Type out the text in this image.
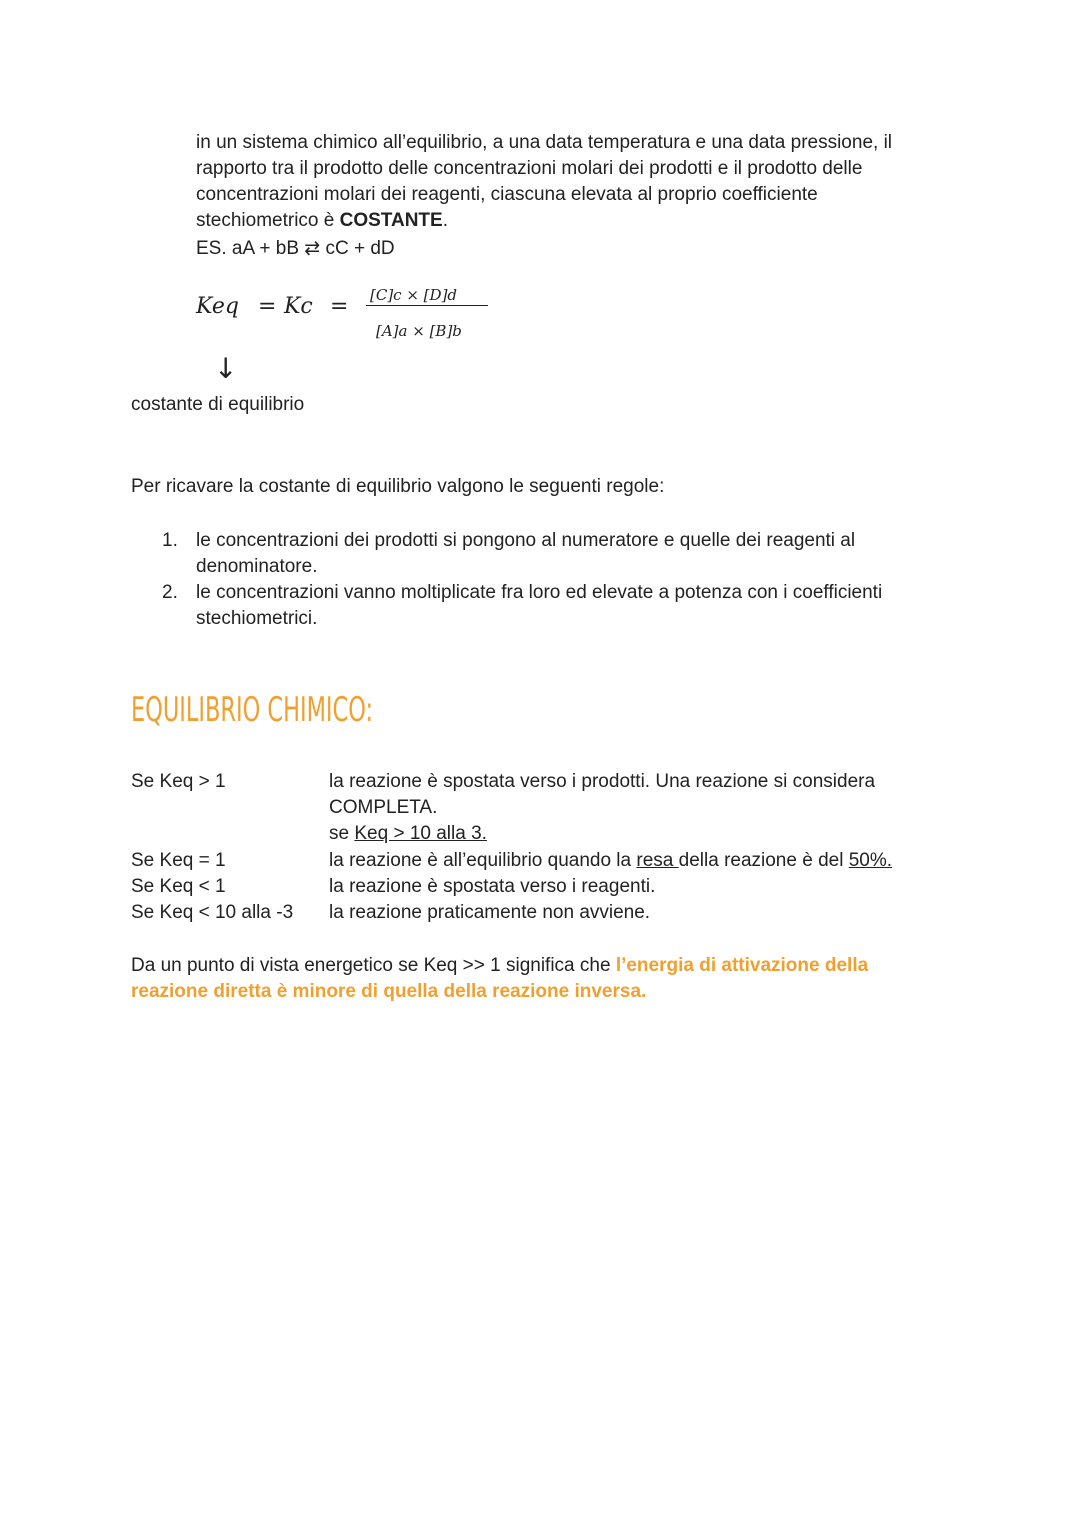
in un sistema chimico all’equilibrio, a una data temperatura e una data pressione, il
rapporto tra il prodotto delle concentrazioni molari dei prodotti e il prodotto delle
concentrazioni molari dei reagenti, ciascuna elevata al proprio coefficiente
stechiometrico è COSTANTE.
ES. aA + bB ⇄ cC + dD
Keq = Kc = [C]c × [D]d
[A]a × [B]b
↓
costante di equilibrio
Per ricavare la costante di equilibrio valgono le seguenti regole:
1. le concentrazioni dei prodotti si pongono al numeratore e quelle dei reagenti al
denominatore.
2. le concentrazioni vanno moltiplicate fra loro ed elevate a potenza con i coefficienti
stechiometrici.
EQUILIBRIO CHIMICO:
Se Keq > 1	la reazione è spostata verso i prodotti. Una reazione si considera
COMPLETA.
se Keq > 10 alla 3.
Se Keq = 1	la reazione è all’equilibrio quando la resa della reazione è del 50%.
Se Keq < 1	la reazione è spostata verso i reagenti.
Se Keq < 10 alla -3 la reazione praticamente non avviene.
Da un punto di vista energetico se Keq >> 1 significa che l’energia di attivazione della
reazione diretta è minore di quella della reazione inversa.
